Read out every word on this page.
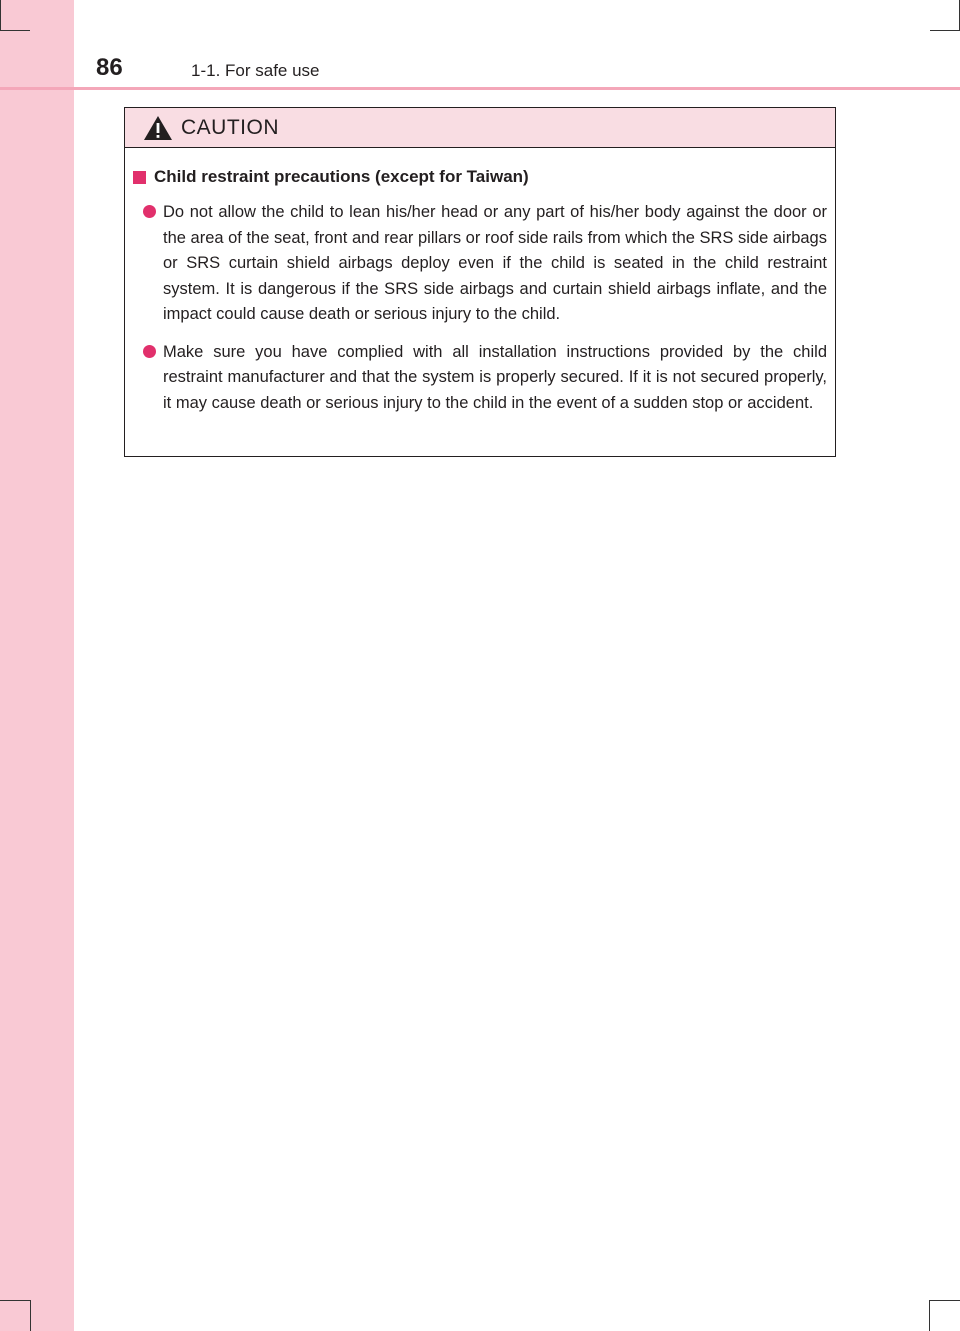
86	1-1. For safe use
CAUTION
Child restraint precautions (except for Taiwan)
Do not allow the child to lean his/her head or any part of his/her body against the door or the area of the seat, front and rear pillars or roof side rails from which the SRS side airbags or SRS curtain shield airbags deploy even if the child is seated in the child restraint system. It is dangerous if the SRS side airbags and curtain shield airbags inflate, and the impact could cause death or serious injury to the child.
Make sure you have complied with all installation instructions provided by the child restraint manufacturer and that the system is properly secured. If it is not secured properly, it may cause death or serious injury to the child in the event of a sudden stop or accident.
